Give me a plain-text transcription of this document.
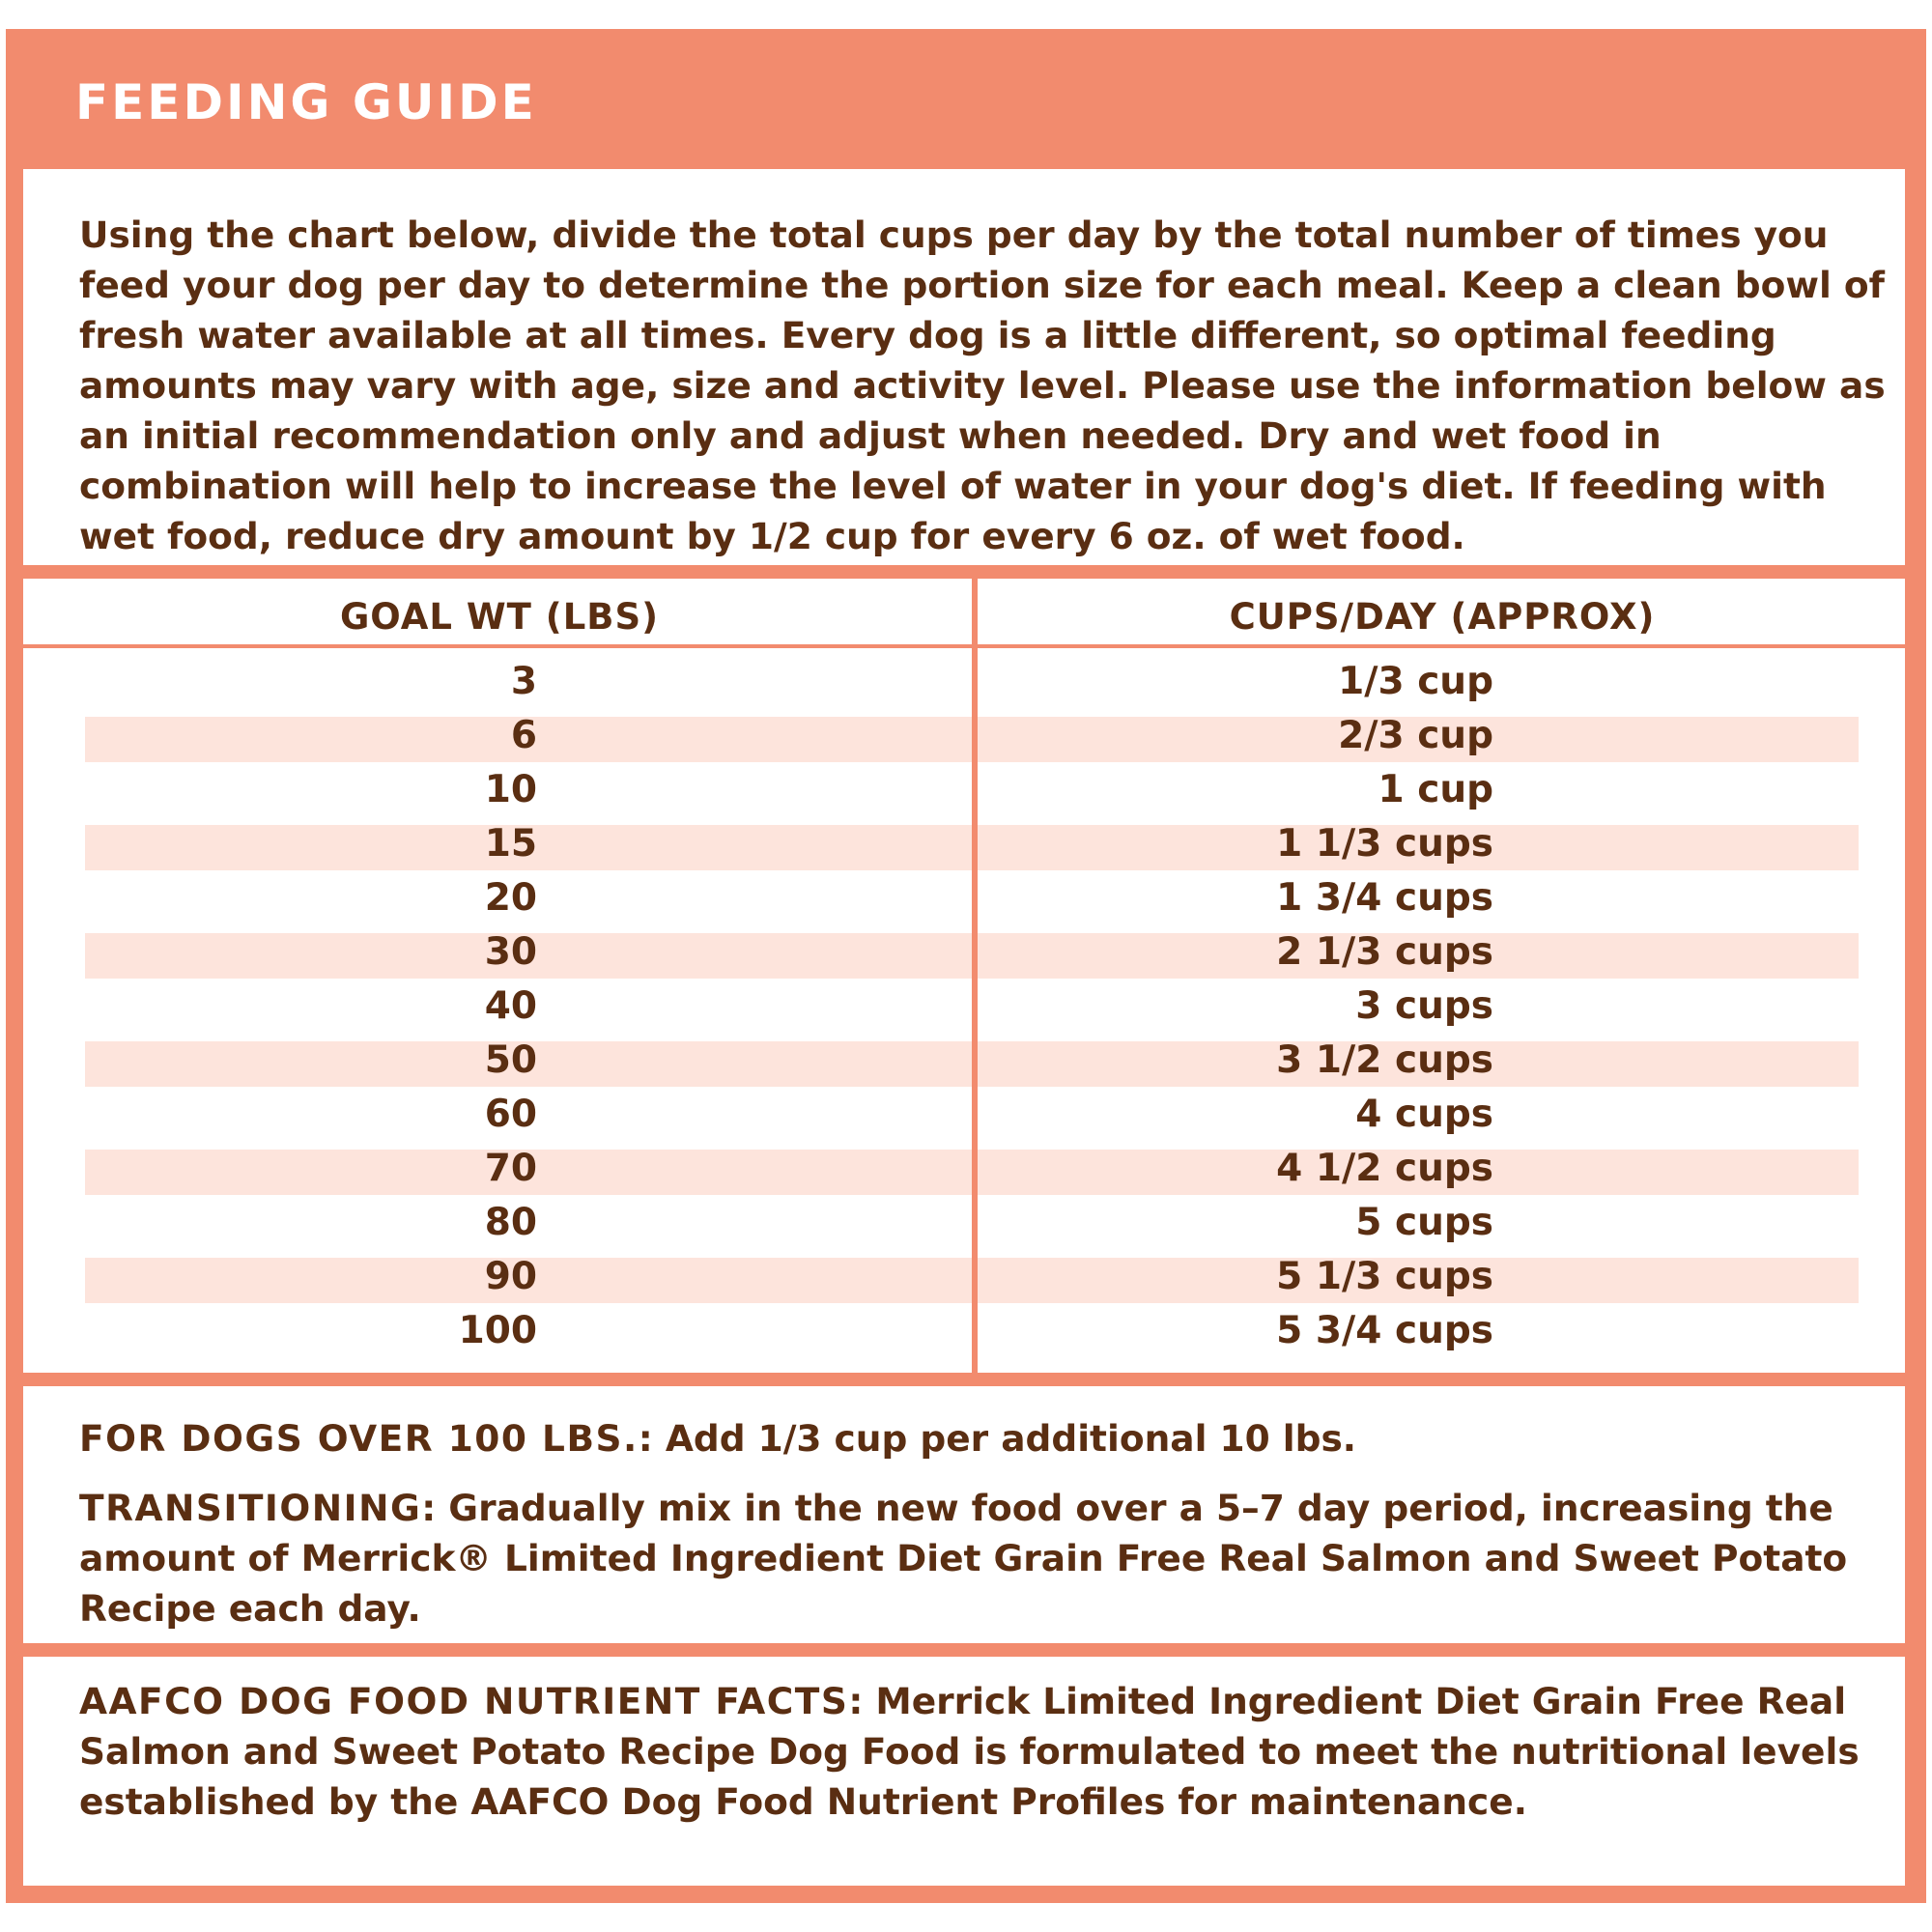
FEEDING GUIDE

Using the chart below, divide the total cups per day by the total number of times you feed your dog per day to determine the portion size for each meal. Keep a clean bowl of fresh water available at all times. Every dog is a little different, so optimal feeding amounts may vary with age, size and activity level. Please use the information below as an initial recommendation only and adjust when needed. Dry and wet food in combination will help to increase the level of water in your dog's diet. If feeding with wet food, reduce dry amount by 1/2 cup for every 6 oz. of wet food.

GOAL WT (LBS)	CUPS/DAY (APPROX)
3	1/3 cup
6	2/3 cup
10	1 cup
15	1 1/3 cups
20	1 3/4 cups
30	2 1/3 cups
40	3 cups
50	3 1/2 cups
60	4 cups
70	4 1/2 cups
80	5 cups
90	5 1/3 cups
100	5 3/4 cups

FOR DOGS OVER 100 LBS.: Add 1/3 cup per additional 10 lbs.

TRANSITIONING: Gradually mix in the new food over a 5–7 day period, increasing the amount of Merrick® Limited Ingredient Diet Grain Free Real Salmon and Sweet Potato Recipe each day.

AAFCO DOG FOOD NUTRIENT FACTS: Merrick Limited Ingredient Diet Grain Free Real Salmon and Sweet Potato Recipe Dog Food is formulated to meet the nutritional levels established by the AAFCO Dog Food Nutrient Profiles for maintenance.
